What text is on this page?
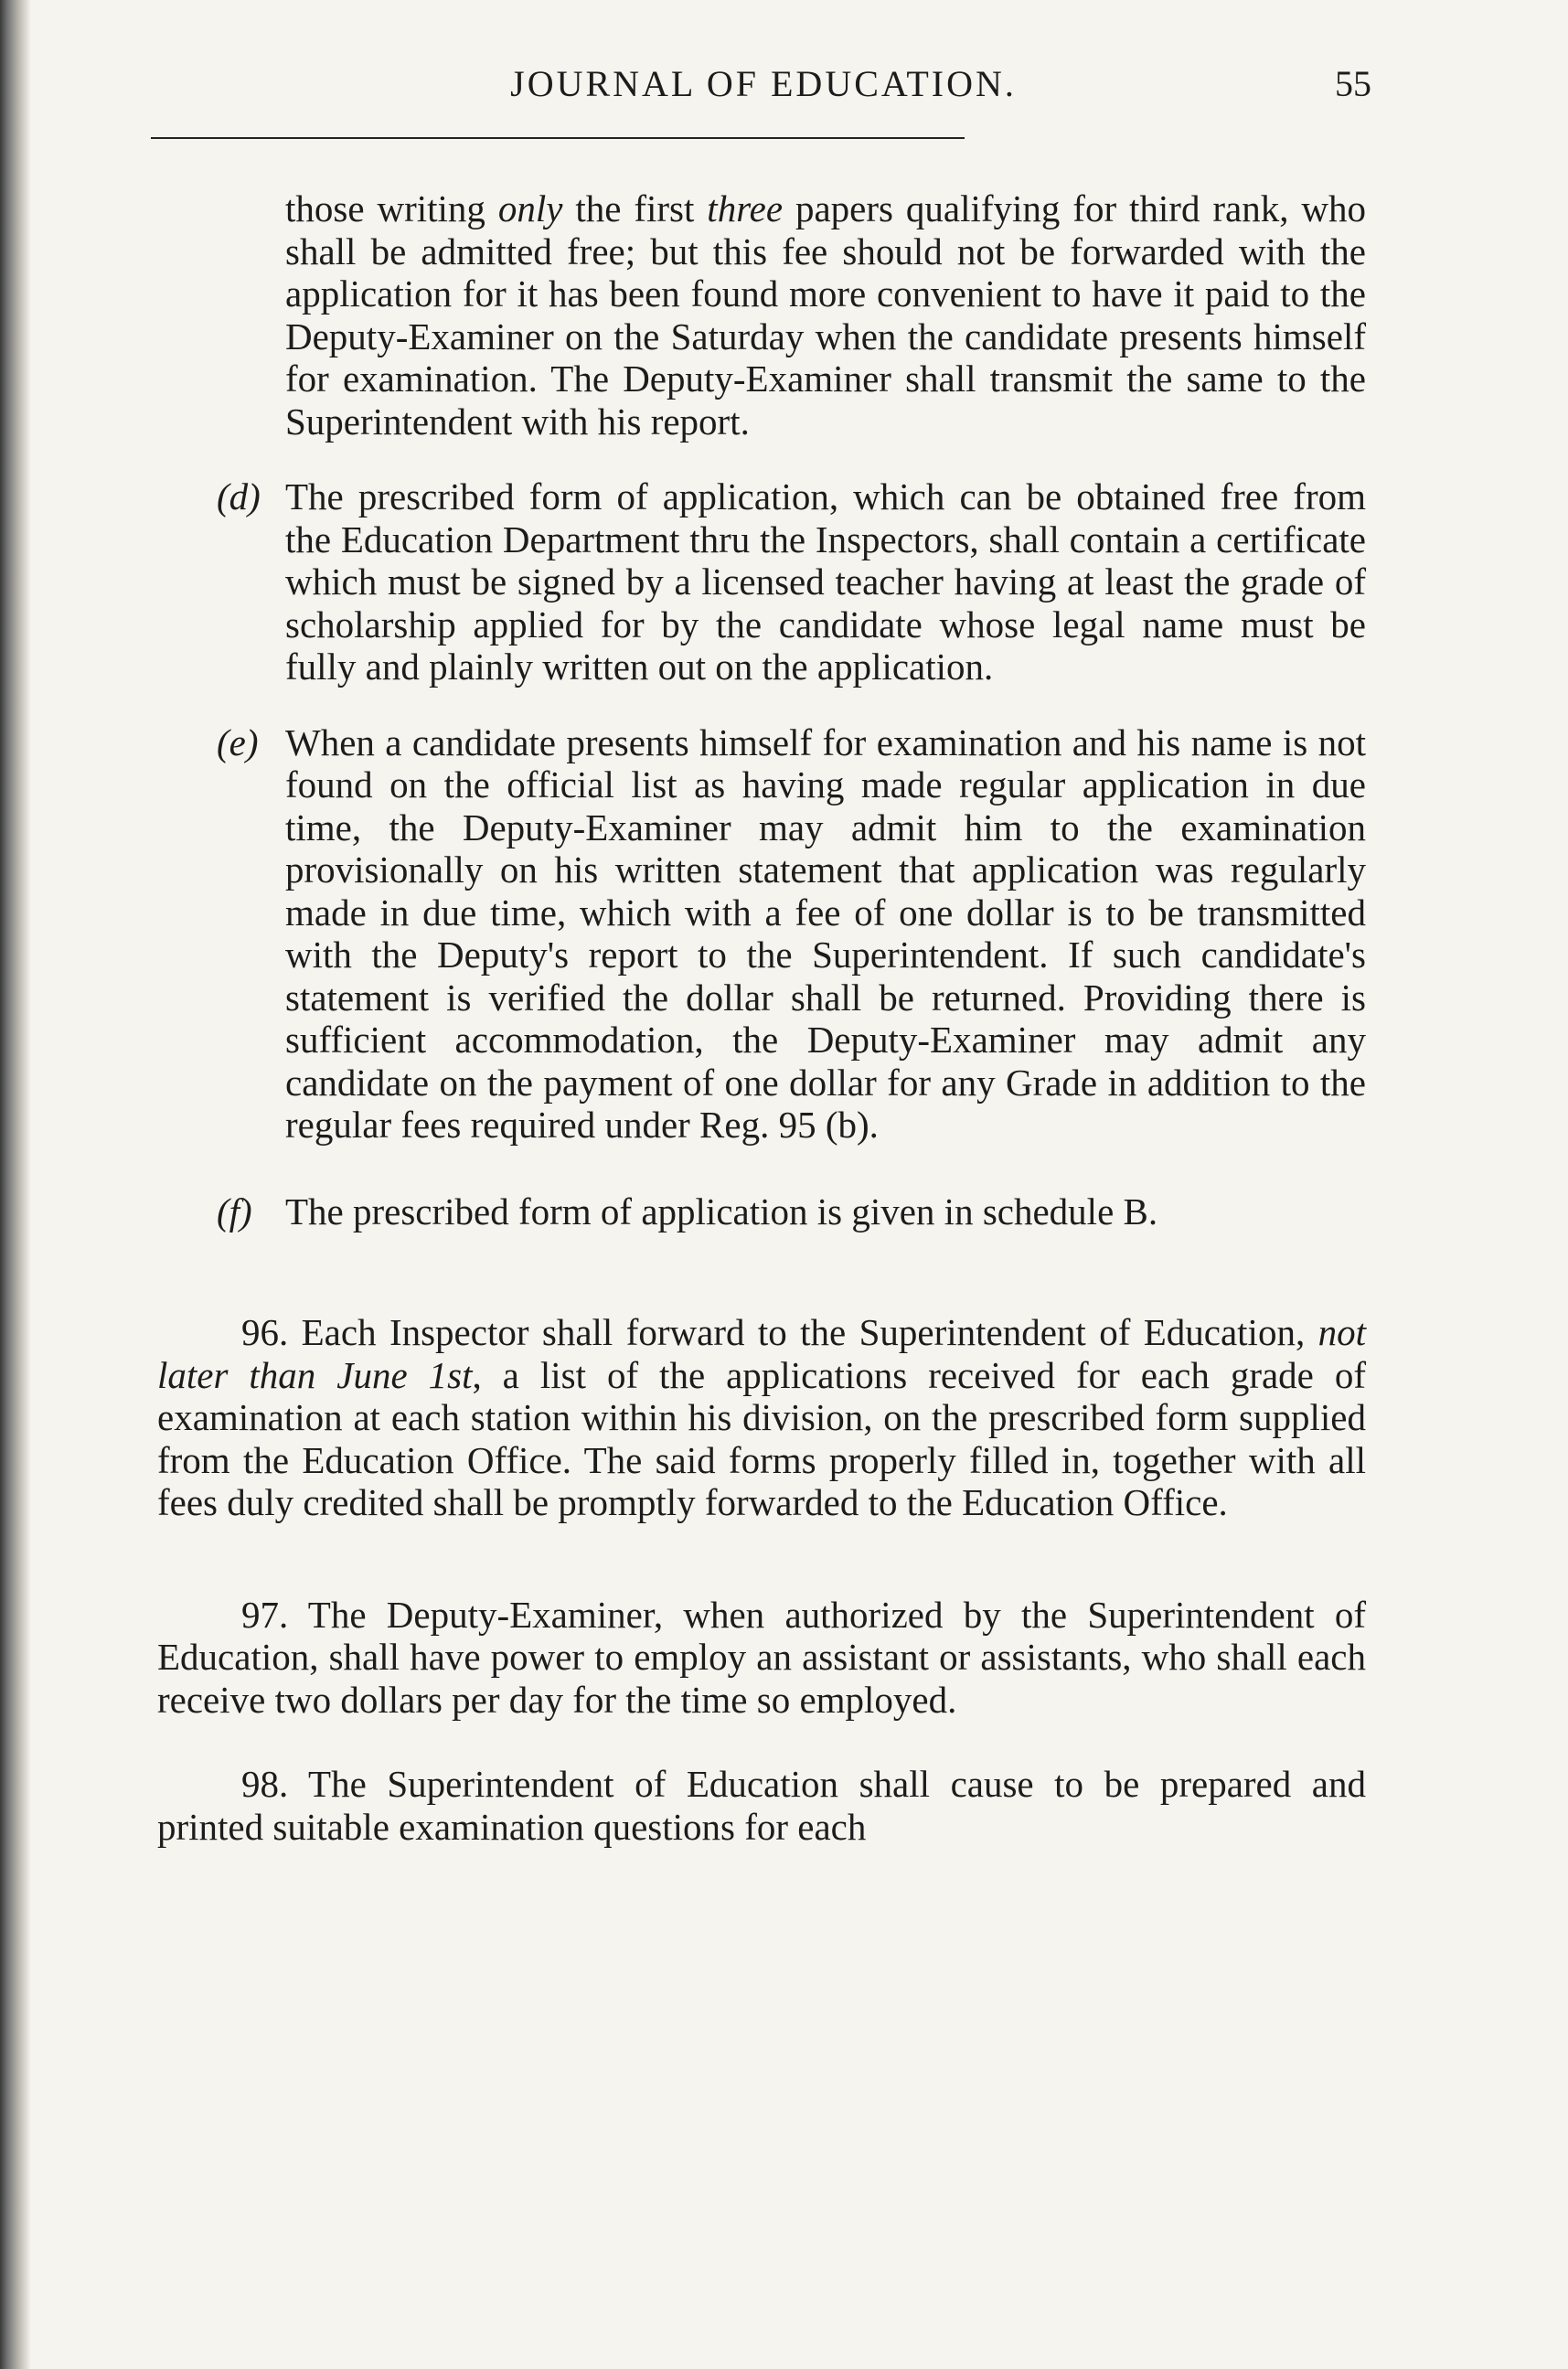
JOURNAL OF EDUCATION.	55

those writing only the first three papers qualifying for third rank, who shall be admitted free; but this fee should not be forwarded with the application for it has been found more convenient to have it paid to the Deputy-Examiner on the Saturday when the candidate presents himself for examination. The Deputy-Examiner shall transmit the same to the Superintendent with his report.

(d) The prescribed form of application, which can be obtained free from the Education Department thru the Inspectors, shall contain a certificate which must be signed by a licensed teacher having at least the grade of scholarship applied for by the candidate whose legal name must be fully and plainly written out on the application.

(e) When a candidate presents himself for examination and his name is not found on the official list as having made regular application in due time, the Deputy-Examiner may admit him to the examination provisionally on his written statement that application was regularly made in due time, which with a fee of one dollar is to be transmitted with the Deputy's report to the Superintendent. If such candidate's statement is verified the dollar shall be returned. Providing there is sufficient accommodation, the Deputy-Examiner may admit any candidate on the payment of one dollar for any Grade in addition to the regular fees required under Reg. 95 (b).

(f) The prescribed form of application is given in schedule B.

96. Each Inspector shall forward to the Superintendent of Education, not later than June 1st, a list of the applications received for each grade of examination at each station within his division, on the prescribed form supplied from the Education Office. The said forms properly filled in, together with all fees duly credited shall be promptly forwarded to the Education Office.

97. The Deputy-Examiner, when authorized by the Superintendent of Education, shall have power to employ an assistant or assistants, who shall each receive two dollars per day for the time so employed.

98. The Superintendent of Education shall cause to be prepared and printed suitable examination questions for each
